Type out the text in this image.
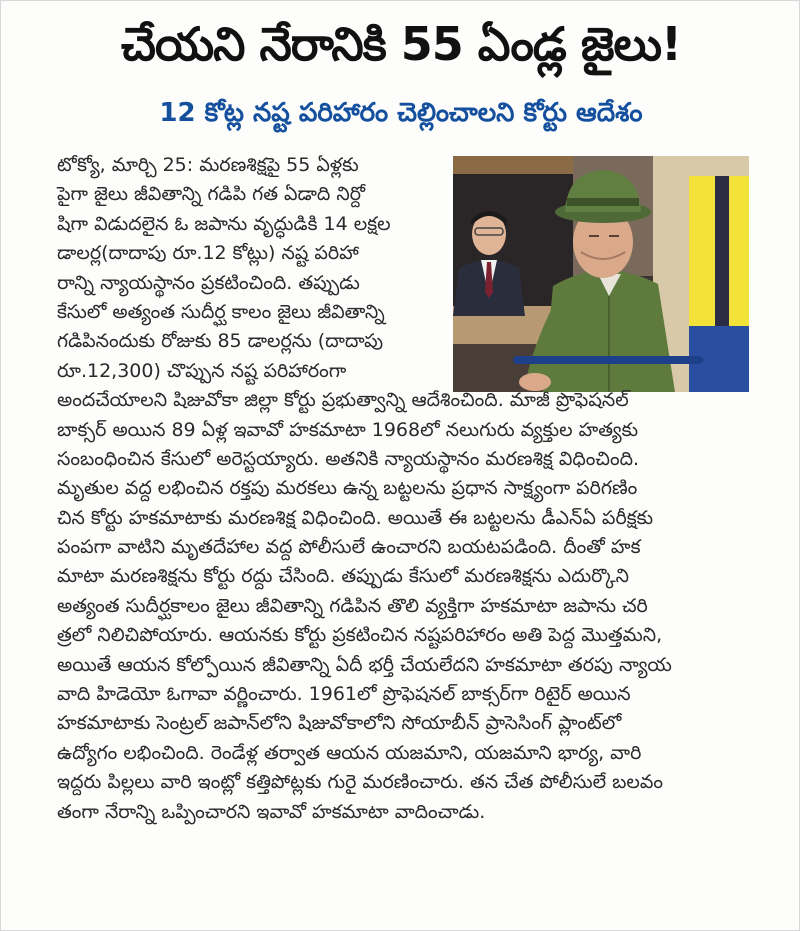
చేయని నేరానికి 55 ఏండ్ల జైలు!
12 కోట్ల నష్ట పరిహారం చెల్లించాలని కోర్టు ఆదేశం
టోక్యో, మార్చి 25: మరణశిక్షపై 55 ఏళ్లకు
పైగా జైలు జీవితాన్ని గడిపి గత ఏడాది నిర్దో
షిగా విడుదలైన ఓ జపాను వృద్ధుడికి 14 లక్షల
డాలర్ల(దాదాపు రూ.12 కోట్లు) నష్ట పరిహా
రాన్ని న్యాయస్థానం ప్రకటించింది. తప్పుడు
కేసులో అత్యంత సుదీర్ఘ కాలం జైలు జీవితాన్ని
గడిపినందుకు రోజుకు 85 డాలర్లను (దాదాపు
రూ.12,300) చొప్పున నష్ట పరిహారంగా
అందచేయాలని షిజువోకా జిల్లా కోర్టు ప్రభుత్వాన్ని ఆదేశించింది. మాజీ ప్రొఫెషనల్
బాక్సర్ అయిన 89 ఏళ్ల ఇవావో హకమాటా 1968లో నలుగురు వ్యక్తుల హత్యకు
సంబంధించిన కేసులో అరెస్టయ్యారు. అతనికి న్యాయస్థానం మరణశిక్ష విధించింది.
మృతుల వద్ద లభించిన రక్తపు మరకలు ఉన్న బట్టలను ప్రధాన సాక్ష్యంగా పరిగణిం
చిన కోర్టు హకమాటాకు మరణశిక్ష విధించింది. అయితే ఈ బట్టలను డీఎన్ఏ పరీక్షకు
పంపగా వాటిని మృతదేహాల వద్ద పోలీసులే ఉంచారని బయటపడింది. దీంతో హక
మాటా మరణశిక్షను కోర్టు రద్దు చేసింది. తప్పుడు కేసులో మరణశిక్షను ఎదుర్కొని
అత్యంత సుదీర్ఘకాలం జైలు జీవితాన్ని గడిపిన తొలి వ్యక్తిగా హకమాటా జపాను చరి
త్రలో నిలిచిపోయారు. ఆయనకు కోర్టు ప్రకటించిన నష్టపరిహారం అతి పెద్ద మొత్తమని,
అయితే ఆయన కోల్పోయిన జీవితాన్ని ఏదీ భర్తీ చేయలేదని హకమాటా తరపు న్యాయ
వాది హిడెయో ఓగావా వర్ణించారు. 1961లో ప్రొఫెషనల్ బాక్సర్‌గా రిటైర్ అయిన
హకమాటాకు సెంట్రల్ జపాన్‌లోని షిజువోకాలోని సోయాబీన్ ప్రాసెసింగ్ ప్లాంట్‌లో
ఉద్యోగం లభించింది. రెండేళ్ల తర్వాత ఆయన యజమాని, యజమాని భార్య, వారి
ఇద్దరు పిల్లలు వారి ఇంట్లో కత్తిపోట్లకు గురై మరణించారు. తన చేత పోలీసులే బలవం
తంగా నేరాన్ని ఒప్పించారని ఇవావో హకమాటా వాదించాడు.
